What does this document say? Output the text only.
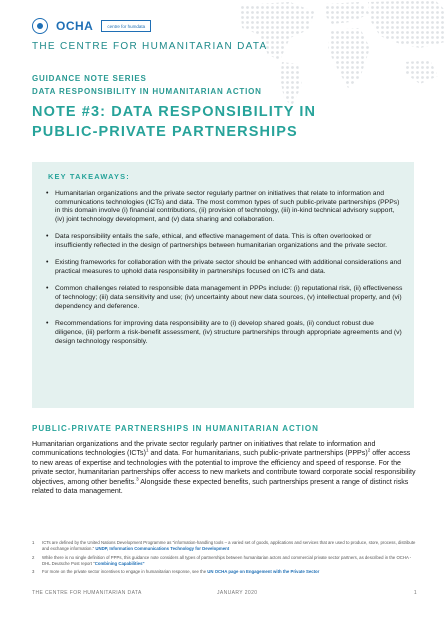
OCHA	centre for humdata
THE CENTRE FOR HUMANITARIAN DATA
GUIDANCE NOTE SERIES
DATA RESPONSIBILITY IN HUMANITARIAN ACTION
NOTE #3: DATA RESPONSIBILITY IN PUBLIC-PRIVATE PARTNERSHIPS
KEY TAKEAWAYS:
• Humanitarian organizations and the private sector regularly partner on initiatives that relate to information and communications technologies (ICTs) and data. The most common types of such public-private partnerships (PPPs) in this domain involve (i) financial contributions, (ii) provision of technology, (iii) in-kind technical advisory support, (iv) joint technology development, and (v) data sharing and collaboration.
• Data responsibility entails the safe, ethical, and effective management of data. This is often overlooked or insufficiently reflected in the design of partnerships between humanitarian organizations and the private sector.
• Existing frameworks for collaboration with the private sector should be enhanced with additional considerations and practical measures to uphold data responsibility in partnerships focused on ICTs and data.
• Common challenges related to responsible data management in PPPs include: (i) reputational risk, (ii) effectiveness of technology; (iii) data sensitivity and use; (iv) uncertainty about new data sources, (v) intellectual property, and (vi) dependency and deference.
• Recommendations for improving data responsibility are to (i) develop shared goals, (ii) conduct robust due diligence, (iii) perform a risk-benefit assessment, (iv) structure partnerships through appropriate agreements and (v) design technology responsibly.
PUBLIC-PRIVATE PARTNERSHIPS IN HUMANITARIAN ACTION

Humanitarian organizations and the private sector regularly partner on initiatives that relate to information and communications technologies (ICTs)$^1$ and data. For humanitarians, such public-private partnerships (PPPs)$^2$ offer access to new areas of expertise and technologies with the potential to improve the efficiency and speed of response. For the private sector, humanitarian partnerships offer access to new markets and contribute toward corporate social responsibility objectives, among other benefits.$^3$ Alongside these expected benefits, such partnerships present a range of distinct risks related to data management.

1 ICTs are defined by the United Nations Development Programme as "information-handling tools – a varied set of goods, applications and services that are used to produce, store, process, distribute and exchange information." UNDP, Information Communications Technology for Development
2 While there is no single definition of PPPs, this guidance note considers all types of partnerships between humanitarian actors and commercial private sector partners, as described in the OCHA - DHL Deutsche Post report "Combining Capabilities"
3 For more on the private sector incentives to engage in humanitarian response, see the UN OCHA page on Engagement with the Private Sector
THE CENTRE FOR HUMANITARIAN DATA	JANUARY 2020	1
